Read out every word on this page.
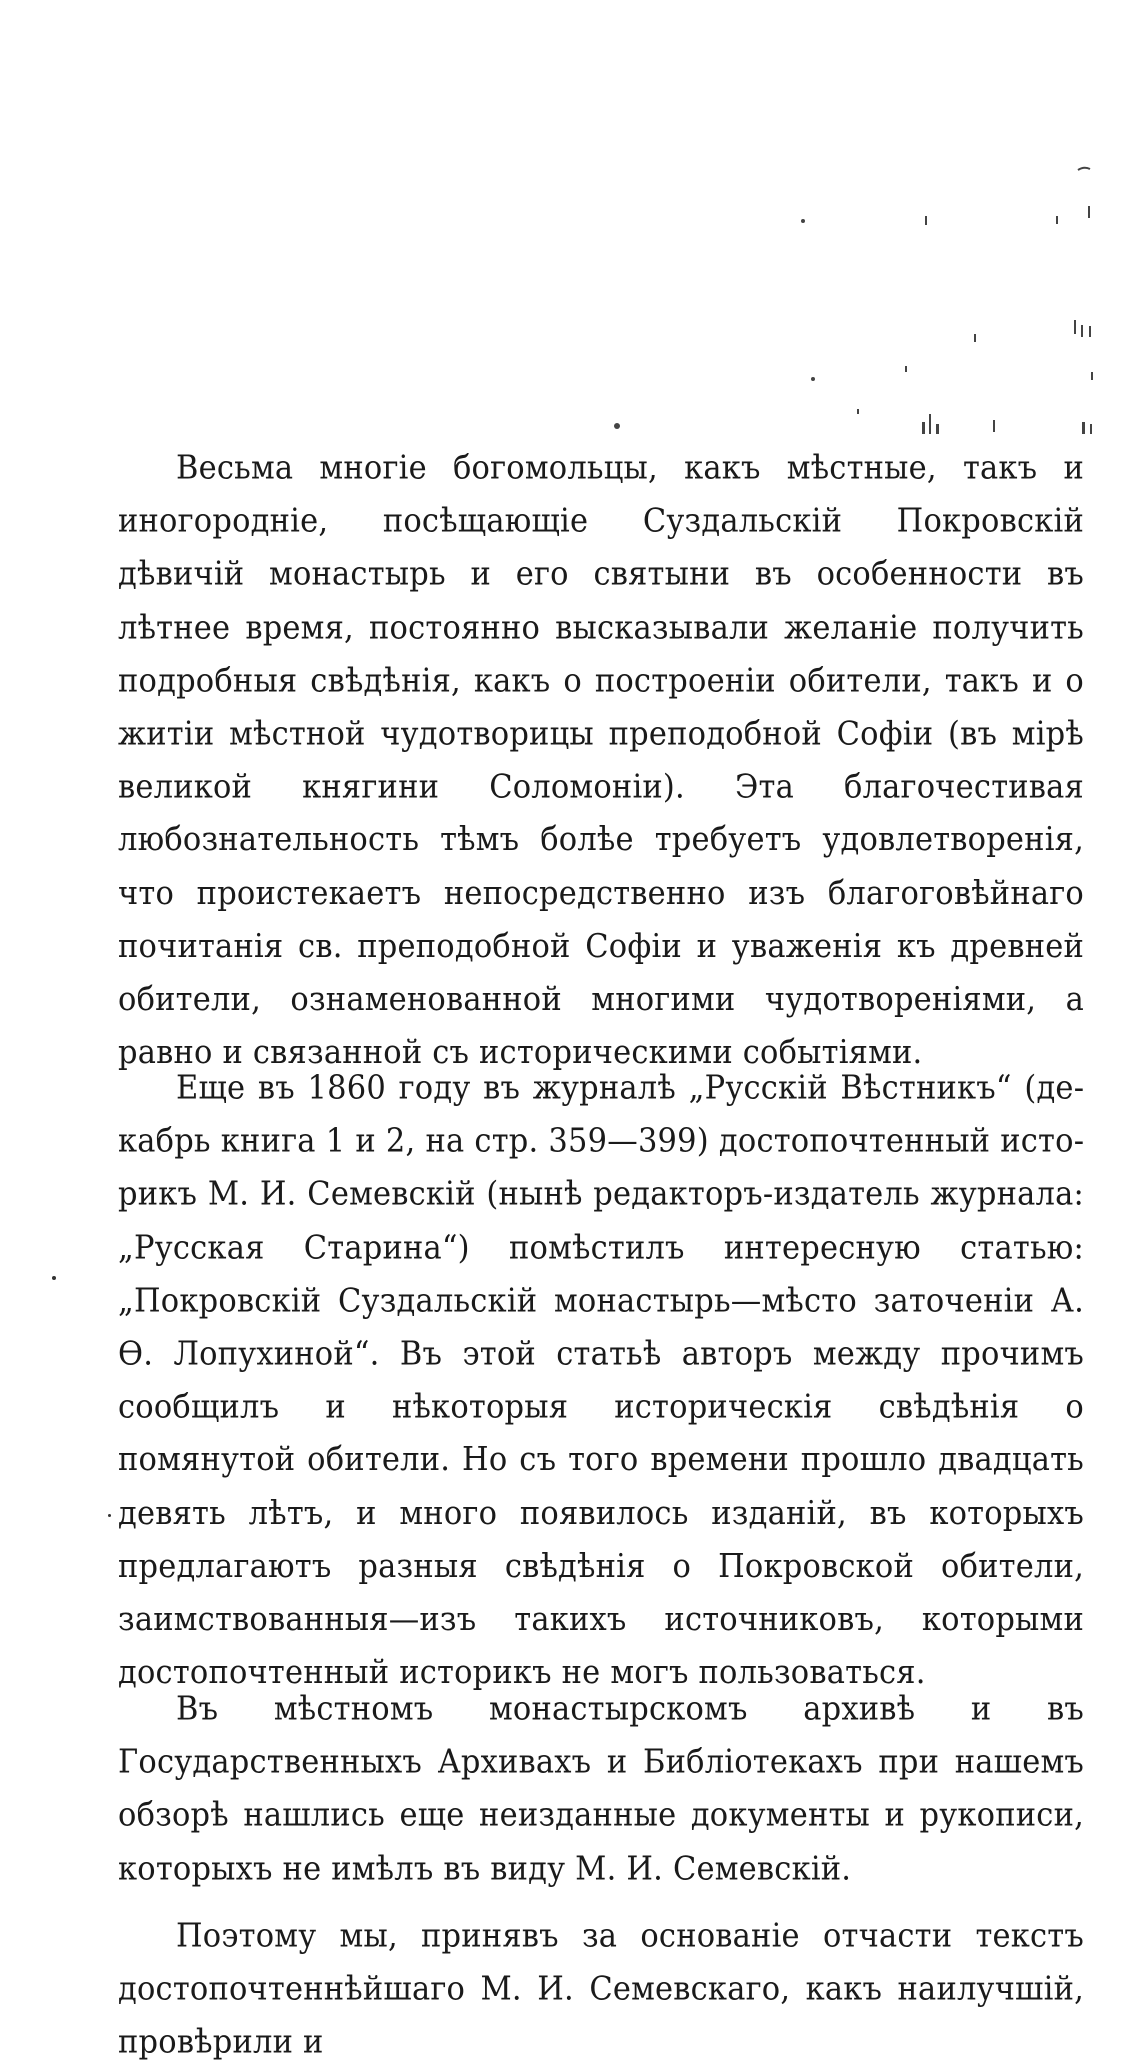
Весьма многіе богомольцы, какъ мѣстные, такъ и иногородніе, посѣщающіе Суздальскій Покровскій дѣвичій монастырь и его святыни въ особенности въ лѣтнее время, постоянно высказывали желаніе получить подробныя свѣдѣнія, какъ о построеніи обители, такъ и о житіи мѣстной чудотворицы преподобной Софіи (въ мірѣ великой княгини Соломоніи). Эта благочестивая любознательность тѣмъ болѣе требуетъ удовлетворенія, что проистекаетъ непосредственно изъ благоговѣйнаго почитанія св. преподобной Софіи и уваженія къ древней обители, ознаменованной многими чудотвореніями, а равно и связанной съ историческими событіями.

Еще въ 1860 году въ журналѣ „Русскій Вѣстникъ“ (декабрь книга 1 и 2, на стр. 359—399) достопочтенный историкъ М. И. Семевскій (нынѣ редакторъ-издатель журнала: „Русская Старина“) помѣстилъ интересную статью: „Покровскій Суздальскій монастырь—мѣсто заточеніи А. Ѳ. Лопухиной“. Въ этой статьѣ авторъ между прочимъ сообщилъ и нѣкоторыя историческія свѣдѣнія о помянутой обители. Но съ того времени прошло двадцать девять лѣтъ, и много появилось изданій, въ которыхъ предлагаютъ разныя свѣдѣнія о Покровской обители, заимствованныя—изъ такихъ источниковъ, которыми достопочтенный историкъ не могъ пользоваться.

Въ мѣстномъ монастырскомъ архивѣ и въ Государственныхъ Архивахъ и Библіотекахъ при нашемъ обзорѣ нашлись еще неизданные документы и рукописи, которыхъ не имѣлъ въ виду М. И. Семевскій.

Поэтому мы, принявъ за основаніе отчасти текстъ достопочтеннѣйшаго М. И. Семевскаго, какъ наилучшій, провѣрили и
